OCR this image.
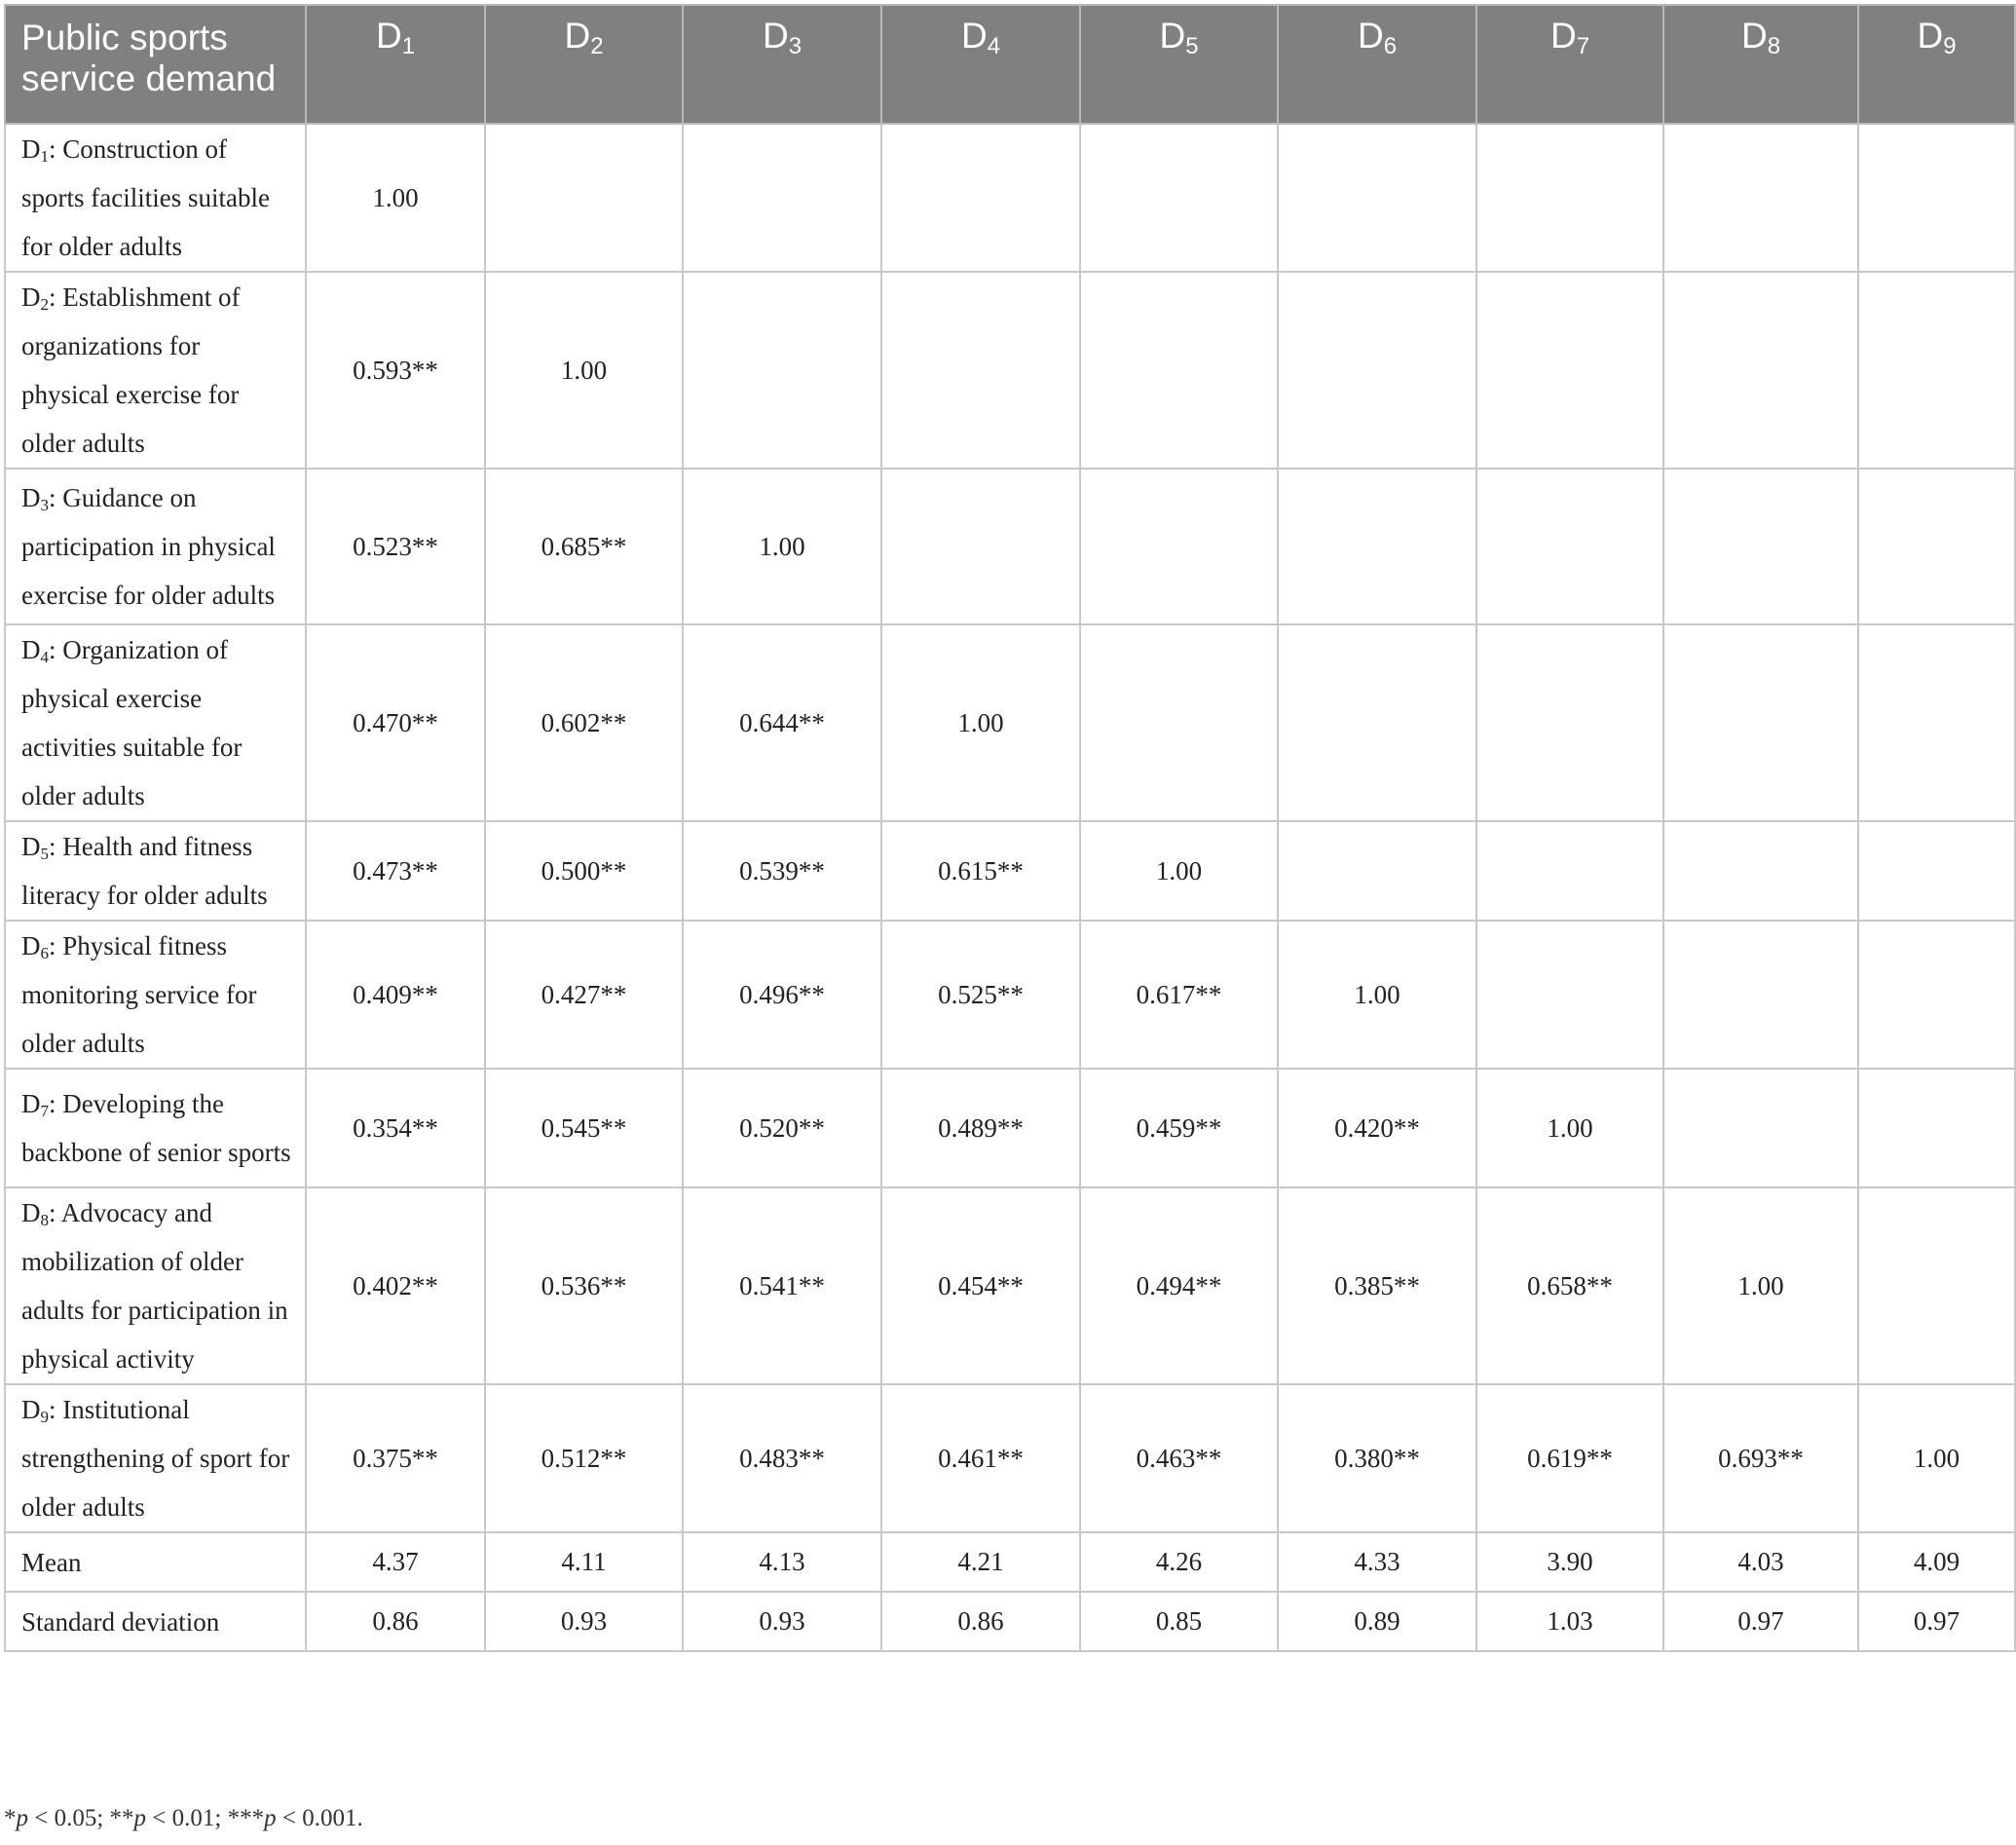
Public sports service demand	$D_1$	$D_2$	$D_3$	$D_4$	$D_5$	$D_6$	$D_7$	$D_8$	$D_9$
$D_1$: Construction of sports facilities suitable for older adults	1.00								
$D_2$: Establishment of organizations for physical exercise for older adults	0.593**	1.00							
$D_3$: Guidance on participation in physical exercise for older adults	0.523**	0.685**	1.00						
$D_4$: Organization of physical exercise activities suitable for older adults	0.470**	0.602**	0.644**	1.00					
$D_5$: Health and fitness literacy for older adults	0.473**	0.500**	0.539**	0.615**	1.00				
$D_6$: Physical fitness monitoring service for older adults	0.409**	0.427**	0.496**	0.525**	0.617**	1.00			
$D_7$: Developing the backbone of senior sports	0.354**	0.545**	0.520**	0.489**	0.459**	0.420**	1.00		
$D_8$: Advocacy and mobilization of older adults for participation in physical activity	0.402**	0.536**	0.541**	0.454**	0.494**	0.385**	0.658**	1.00	
$D_9$: Institutional strengthening of sport for older adults	0.375**	0.512**	0.483**	0.461**	0.463**	0.380**	0.619**	0.693**	1.00
Mean	4.37	4.11	4.13	4.21	4.26	4.33	3.90	4.03	4.09
Standard deviation	0.86	0.93	0.93	0.86	0.85	0.89	1.03	0.97	0.97
*p < 0.05; **p < 0.01; ***p < 0.001.
